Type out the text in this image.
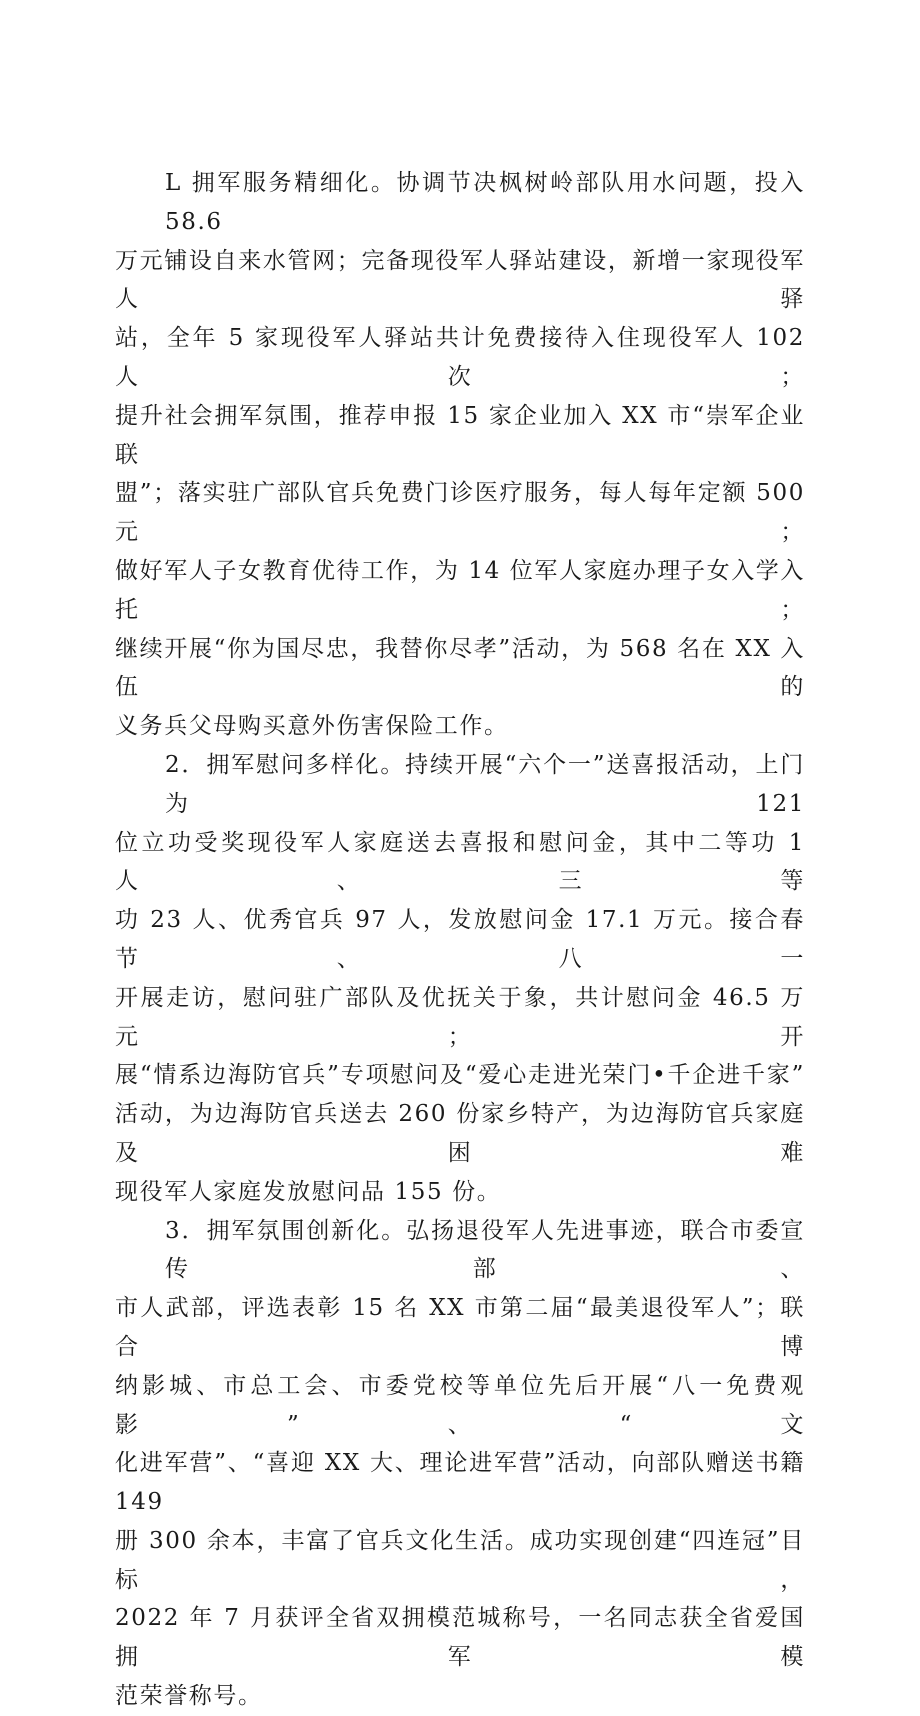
L 拥军服务精细化。协调节决枫树岭部队用水问题，投入 58.6
万元铺设自来水管网；完备现役军人驿站建设，新增一家现役军人驿
站，全年 5 家现役军人驿站共计免费接待入住现役军人 102 人次；
提升社会拥军氛围，推荐申报 15 家企业加入 XX 市“崇军企业联
盟”；落实驻广部队官兵免费门诊医疗服务，每人每年定额 500 元；
做好军人子女教育优待工作，为 14 位军人家庭办理子女入学入托；
继续开展“你为国尽忠，我替你尽孝”活动，为 568 名在 XX 入伍的
义务兵父母购买意外伤害保险工作。
2．拥军慰问多样化。持续开展“六个一”送喜报活动，上门为 121
位立功受奖现役军人家庭送去喜报和慰问金，其中二等功 1 人、三等
功 23 人、优秀官兵 97 人，发放慰问金 17.1 万元。接合春节、八一
开展走访，慰问驻广部队及优抚关于象，共计慰问金 46.5 万元；开
展“情系边海防官兵”专项慰问及“爱心走进光荣门•千企进千家”
活动，为边海防官兵送去 260 份家乡特产，为边海防官兵家庭及困难
现役军人家庭发放慰问品 155 份。
3．拥军氛围创新化。弘扬退役军人先进事迹，联合市委宣传部、
市人武部，评选表彰 15 名 XX 市第二届“最美退役军人”；联合博
纳影城、市总工会、市委党校等单位先后开展“八一免费观影”、“文
化进军营”、“喜迎 XX 大、理论进军营”活动，向部队赠送书籍 149
册 300 余本，丰富了官兵文化生活。成功实现创建“四连冠”目标，
2022 年 7 月获评全省双拥模范城称号，一名同志获全省爱国拥军模
范荣誉称号。
